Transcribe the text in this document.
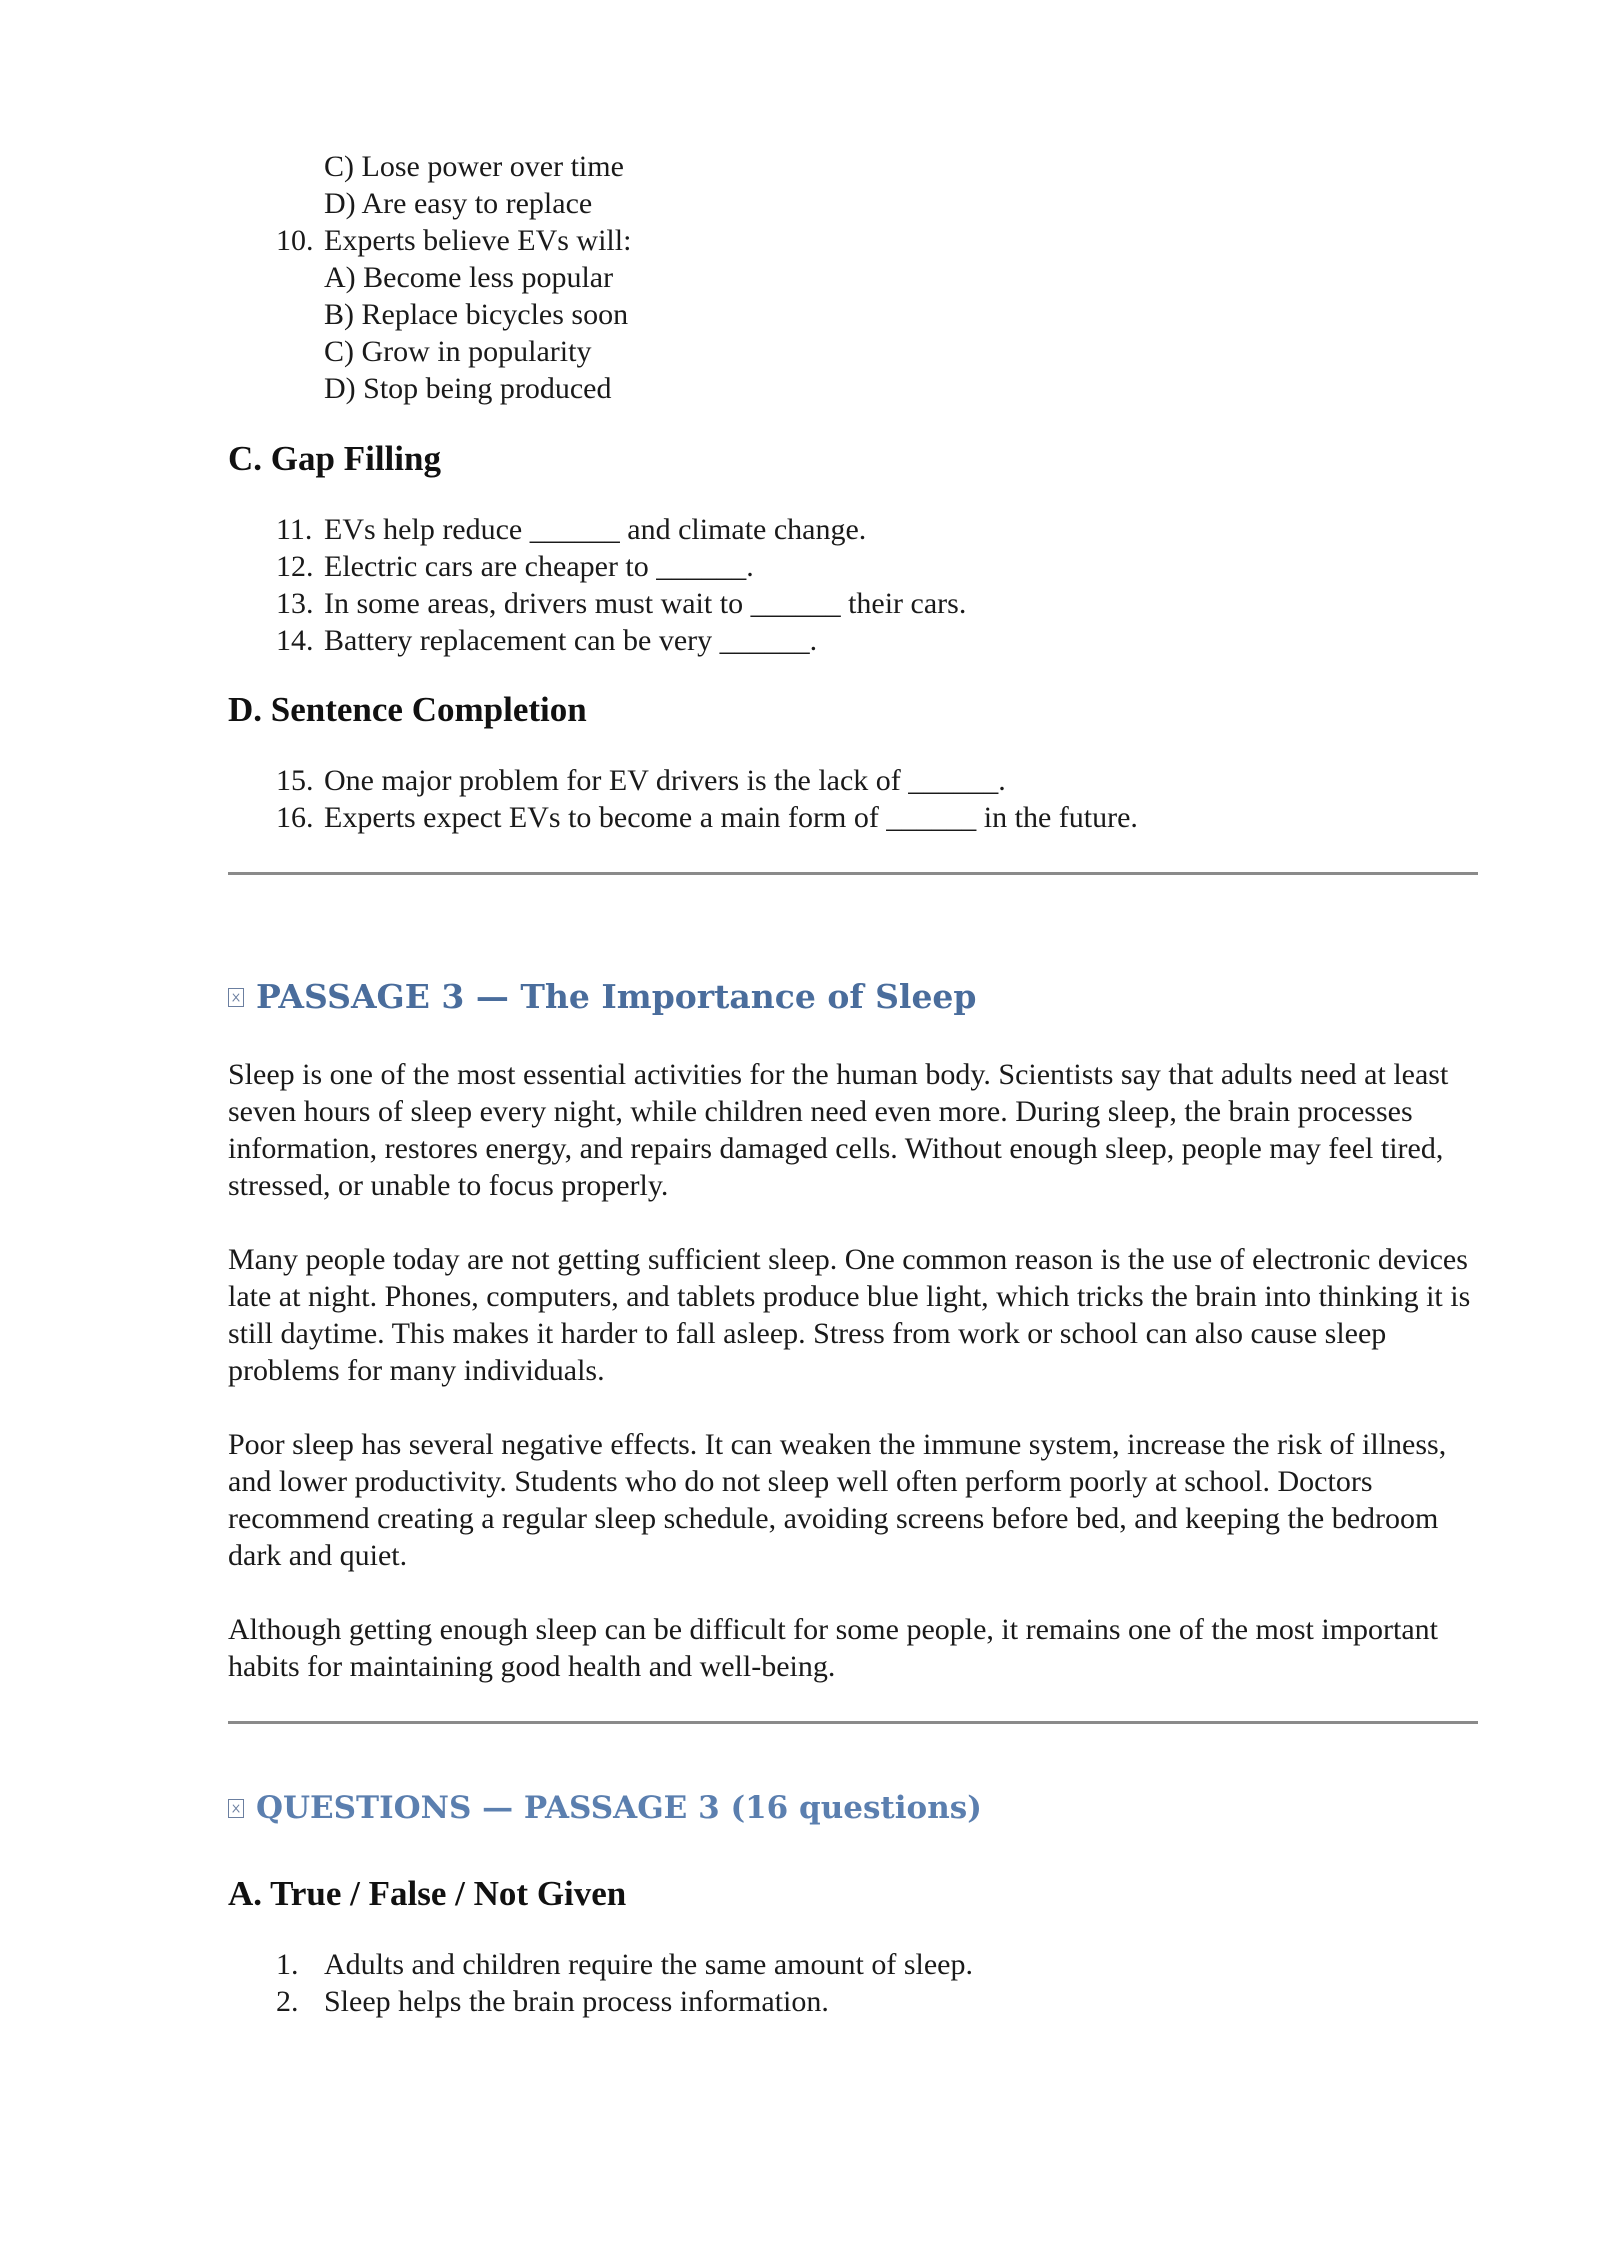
C) Lose power over time
D) Are easy to replace
10. Experts believe EVs will:
A) Become less popular
B) Replace bicycles soon
C) Grow in popularity
D) Stop being produced
C. Gap Filling
11. EVs help reduce ______ and climate change.
12. Electric cars are cheaper to ______.
13. In some areas, drivers must wait to ______ their cars.
14. Battery replacement can be very ______.
D. Sentence Completion
15. One major problem for EV drivers is the lack of ______.
16. Experts expect EVs to become a main form of ______ in the future.
PASSAGE 3 — The Importance of Sleep

Sleep is one of the most essential activities for the human body. Scientists say that adults need at least seven hours of sleep every night, while children need even more. During sleep, the brain processes information, restores energy, and repairs damaged cells. Without enough sleep, people may feel tired, stressed, or unable to focus properly.

Many people today are not getting sufficient sleep. One common reason is the use of electronic devices late at night. Phones, computers, and tablets produce blue light, which tricks the brain into thinking it is still daytime. This makes it harder to fall asleep. Stress from work or school can also cause sleep problems for many individuals.

Poor sleep has several negative effects. It can weaken the immune system, increase the risk of illness, and lower productivity. Students who do not sleep well often perform poorly at school. Doctors recommend creating a regular sleep schedule, avoiding screens before bed, and keeping the bedroom dark and quiet.

Although getting enough sleep can be difficult for some people, it remains one of the most important habits for maintaining good health and well-being.

QUESTIONS — PASSAGE 3 (16 questions)
A. True / False / Not Given
1. Adults and children require the same amount of sleep.
2. Sleep helps the brain process information.
